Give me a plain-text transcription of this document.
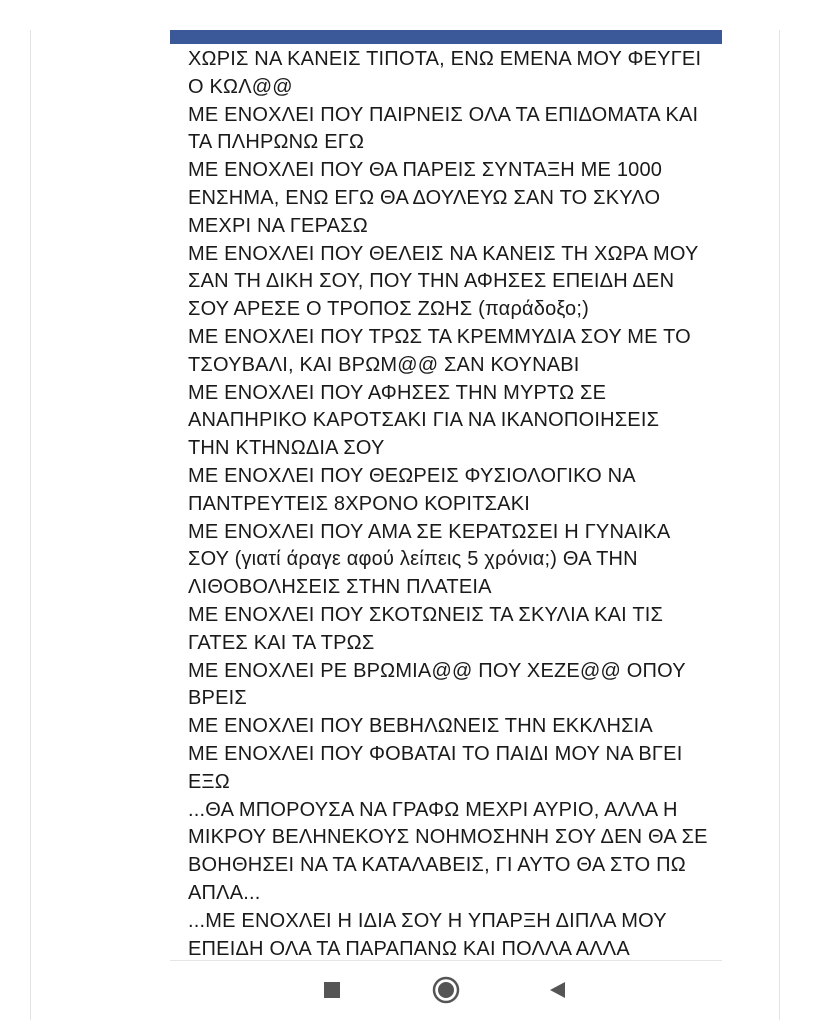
ΧΩΡΙΣ ΝΑ ΚΑΝΕΙΣ ΤΙΠΟΤΑ, ΕΝΩ ΕΜΕΝΑ ΜΟΥ ΦΕΥΓΕΙ
Ο ΚΩΛ@@
ΜΕ ΕΝΟΧΛΕΙ ΠΟΥ ΠΑΙΡΝΕΙΣ ΟΛΑ ΤΑ ΕΠΙΔΟΜΑΤΑ ΚΑΙ
ΤΑ ΠΛΗΡΩΝΩ ΕΓΩ
ΜΕ ΕΝΟΧΛΕΙ ΠΟΥ ΘΑ ΠΑΡΕΙΣ ΣΥΝΤΑΞΗ ΜΕ 1000
ΕΝΣΗΜΑ, ΕΝΩ ΕΓΩ ΘΑ ΔΟΥΛΕΥΩ ΣΑΝ ΤΟ ΣΚΥΛΟ
ΜΕΧΡΙ ΝΑ ΓΕΡΑΣΩ
ΜΕ ΕΝΟΧΛΕΙ ΠΟΥ ΘΕΛΕΙΣ ΝΑ ΚΑΝΕΙΣ ΤΗ ΧΩΡΑ ΜΟΥ
ΣΑΝ ΤΗ ΔΙΚΗ ΣΟΥ, ΠΟΥ ΤΗΝ ΑΦΗΣΕΣ ΕΠΕΙΔΗ ΔΕΝ
ΣΟΥ ΑΡΕΣΕ Ο ΤΡΟΠΟΣ ΖΩΗΣ (παράδοξο;)
ΜΕ ΕΝΟΧΛΕΙ ΠΟΥ ΤΡΩΣ ΤΑ ΚΡΕΜΜΥΔΙΑ ΣΟΥ ΜΕ ΤΟ
ΤΣΟΥΒΑΛΙ, ΚΑΙ ΒΡΩΜ@@ ΣΑΝ ΚΟΥΝΑΒΙ
ΜΕ ΕΝΟΧΛΕΙ ΠΟΥ ΑΦΗΣΕΣ ΤΗΝ ΜΥΡΤΩ ΣΕ
ΑΝΑΠΗΡΙΚΟ ΚΑΡΟΤΣΑΚΙ ΓΙΑ ΝΑ ΙΚΑΝΟΠΟΙΗΣΕΙΣ
ΤΗΝ ΚΤΗΝΩΔΙΑ ΣΟΥ
ΜΕ ΕΝΟΧΛΕΙ ΠΟΥ ΘΕΩΡΕΙΣ ΦΥΣΙΟΛΟΓΙΚΟ ΝΑ
ΠΑΝΤΡΕΥΤΕΙΣ 8ΧΡΟΝΟ ΚΟΡΙΤΣΑΚΙ
ΜΕ ΕΝΟΧΛΕΙ ΠΟΥ ΑΜΑ ΣΕ ΚΕΡΑΤΩΣΕΙ Η ΓΥΝΑΙΚΑ
ΣΟΥ (γιατί άραγε αφού λείπεις 5 χρόνια;) ΘΑ ΤΗΝ
ΛΙΘΟΒΟΛΗΣΕΙΣ ΣΤΗΝ ΠΛΑΤΕΙΑ
ΜΕ ΕΝΟΧΛΕΙ ΠΟΥ ΣΚΟΤΩΝΕΙΣ ΤΑ ΣΚΥΛΙΑ ΚΑΙ ΤΙΣ
ΓΑΤΕΣ ΚΑΙ ΤΑ ΤΡΩΣ
ΜΕ ΕΝΟΧΛΕΙ ΡΕ ΒΡΩΜΙΑ@@ ΠΟΥ ΧΕΖΕ@@ ΟΠΟΥ
ΒΡΕΙΣ
ΜΕ ΕΝΟΧΛΕΙ ΠΟΥ ΒΕΒΗΛΩΝΕΙΣ ΤΗΝ ΕΚΚΛΗΣΙΑ
ΜΕ ΕΝΟΧΛΕΙ ΠΟΥ ΦΟΒΑΤΑΙ ΤΟ ΠΑΙΔΙ ΜΟΥ ΝΑ ΒΓΕΙ
ΕΞΩ
...ΘΑ ΜΠΟΡΟΥΣΑ ΝΑ ΓΡΑΦΩ ΜΕΧΡΙ ΑΥΡΙΟ, ΑΛΛΑ Η
ΜΙΚΡΟΥ ΒΕΛΗΝΕΚΟΥΣ ΝΟΗΜΟΣΗΝΗ ΣΟΥ ΔΕΝ ΘΑ ΣΕ
ΒΟΗΘΗΣΕΙ ΝΑ ΤΑ ΚΑΤΑΛΑΒΕΙΣ, ΓΙ ΑΥΤΟ ΘΑ ΣΤΟ ΠΩ
ΑΠΛΑ...
...ΜΕ ΕΝΟΧΛΕΙ Η ΙΔΙΑ ΣΟΥ Η ΥΠΑΡΞΗ ΔΙΠΛΑ ΜΟΥ
ΕΠΕΙΔΗ ΟΛΑ ΤΑ ΠΑΡΑΠΑΝΩ ΚΑΙ ΠΟΛΛΑ ΑΛΛΑ
